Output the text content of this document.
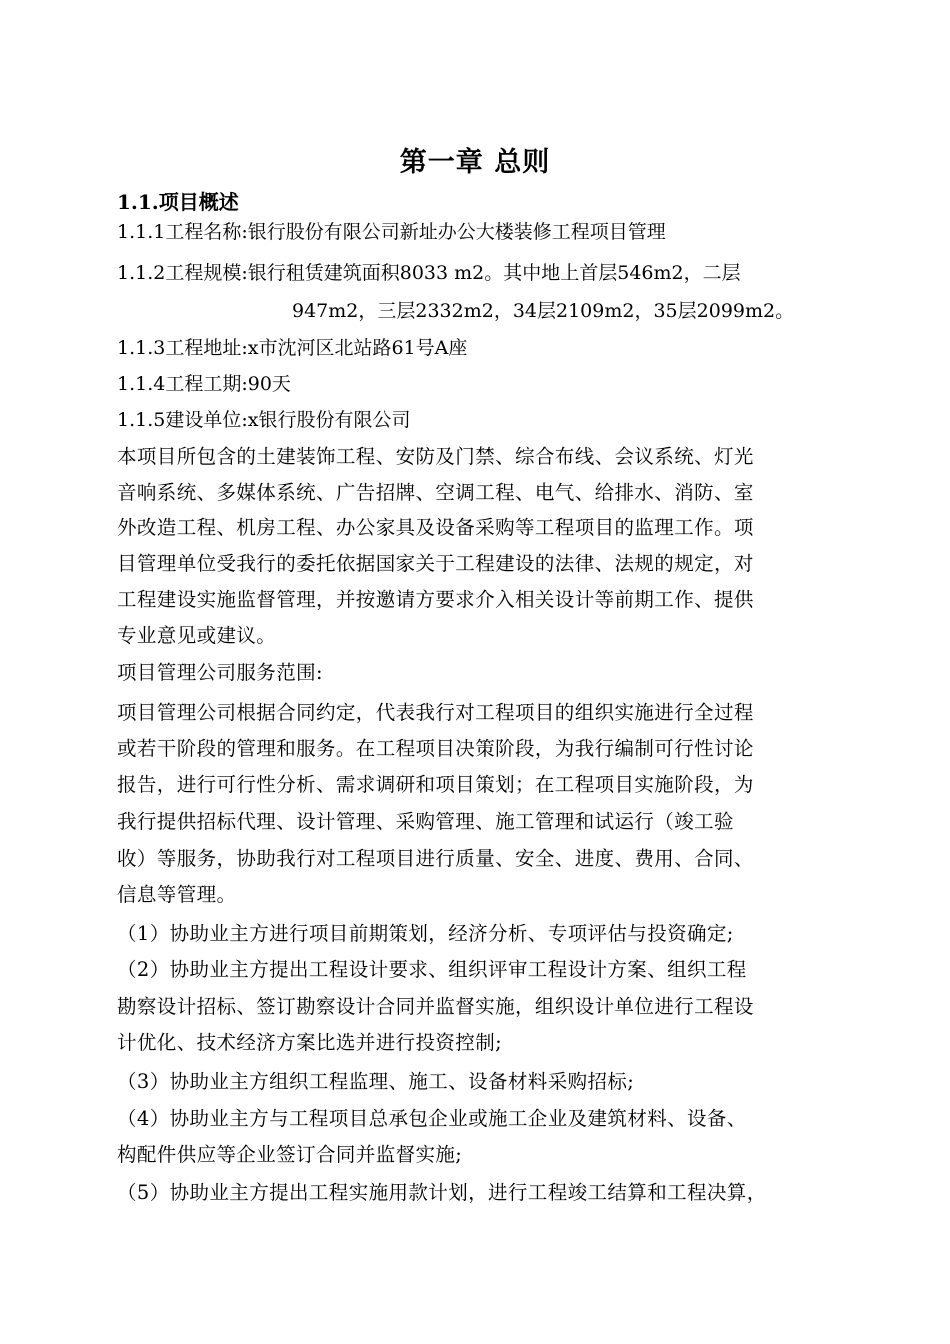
第一章 总则
1.1.项目概述
1.1.1工程名称:银行股份有限公司新址办公大楼装修工程项目管理
1.1.2工程规模:银行租赁建筑面积8033 m2。其中地上首层546m2，二层
947m2，三层2332m2，34层2109m2，35层2099m2。
1.1.3工程地址:x市沈河区北站路61号A座
1.1.4工程工期:90天
1.1.5建设单位:x银行股份有限公司
本项目所包含的土建装饰工程、安防及门禁、综合布线、会议系统、灯光
音响系统、多媒体系统、广告招牌、空调工程、电气、给排水、消防、室
外改造工程、机房工程、办公家具及设备采购等工程项目的监理工作。项
目管理单位受我行的委托依据国家关于工程建设的法律、法规的规定，对
工程建设实施监督管理，并按邀请方要求介入相关设计等前期工作、提供
专业意见或建议。
项目管理公司服务范围:
项目管理公司根据合同约定，代表我行对工程项目的组织实施进行全过程
或若干阶段的管理和服务。在工程项目决策阶段，为我行编制可行性讨论
报告，进行可行性分析、需求调研和项目策划；在工程项目实施阶段，为
我行提供招标代理、设计管理、采购管理、施工管理和试运行（竣工验
收）等服务，协助我行对工程项目进行质量、安全、进度、费用、合同、
信息等管理。
（1）协助业主方进行项目前期策划，经济分析、专项评估与投资确定;
（2）协助业主方提出工程设计要求、组织评审工程设计方案、组织工程
勘察设计招标、签订勘察设计合同并监督实施，组织设计单位进行工程设
计优化、技术经济方案比选并进行投资控制;
（3）协助业主方组织工程监理、施工、设备材料采购招标;
（4）协助业主方与工程项目总承包企业或施工企业及建筑材料、设备、
构配件供应等企业签订合同并监督实施;
（5）协助业主方提出工程实施用款计划，进行工程竣工结算和工程决算，
